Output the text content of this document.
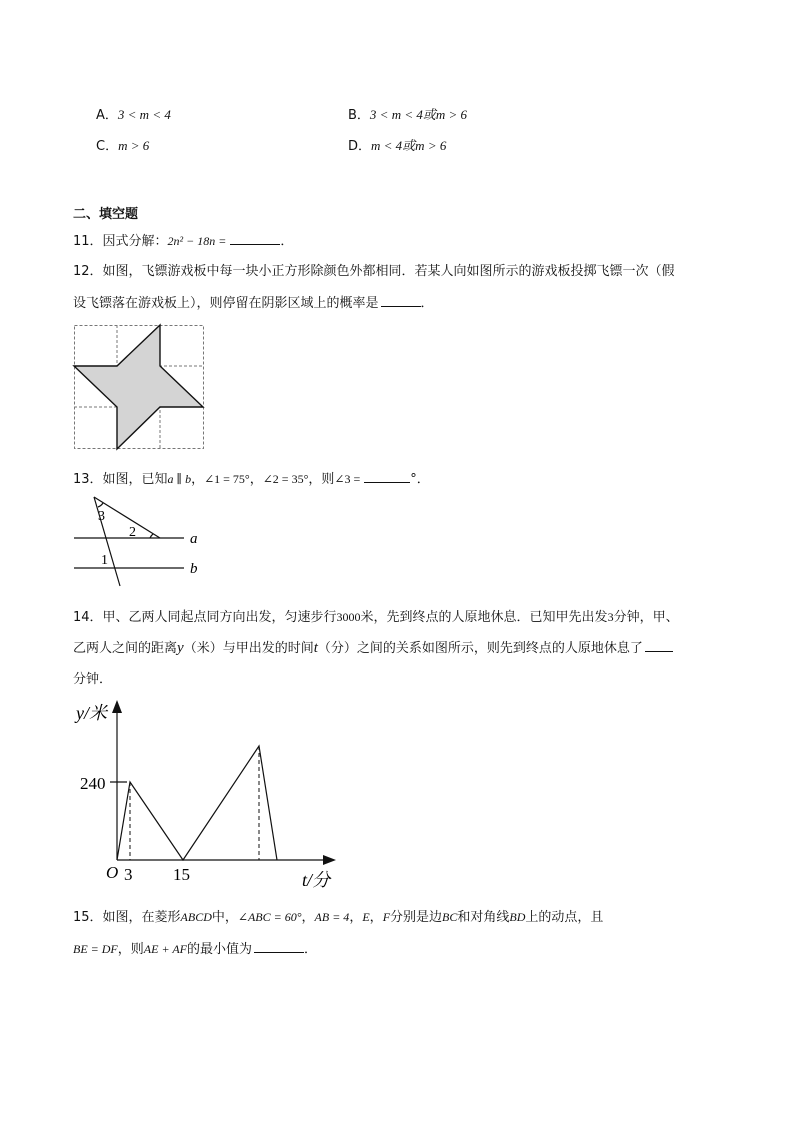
A．3 < m < 4	B．3 < m < 4或m > 6
C．m > 6	D．m < 4或m > 6
二、填空题
11．因式分解：2n² − 18n =	．
12．如图，飞镖游戏板中每一块小正方形除颜色外都相同．若某人向如图所示的游戏板投掷飞镖一次（假
设飞镖落在游戏板上），则停留在阴影区域上的概率是	．
13．如图，已知a ∥ b，∠1 = 75°，∠2 = 35°，则∠3 =	°．
3
2
1
a
b
14．甲、乙两人同起点同方向出发，匀速步行3000米，先到终点的人原地休息．已知甲先出发3分钟，甲、
乙两人之间的距离y（米）与甲出发的时间t（分）之间的关系如图所示，则先到终点的人原地休息了
分钟．
y/米
240
O 3 15	t/分
15．如图，在菱形ABCD中，∠ABC = 60°，AB = 4，E，F分别是边BC和对角线BD上的动点，且
BE = DF，则AE + AF的最小值为	．
